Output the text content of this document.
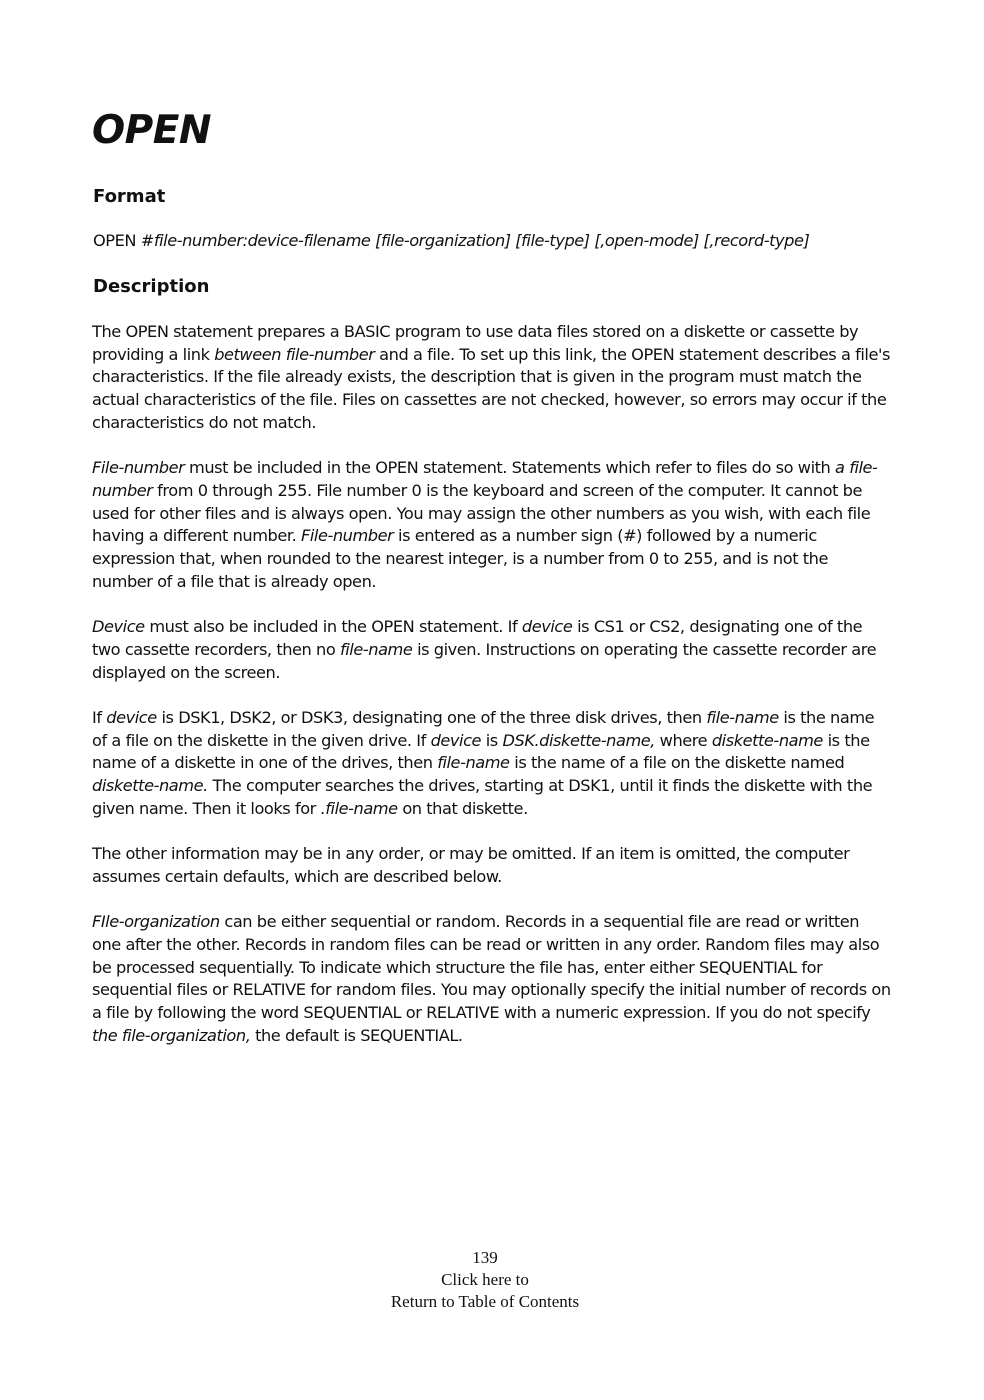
OPEN
Format
OPEN #file-number:device-filename [file-organization] [file-type] [,open-mode] [,record-type]
Description

The OPEN statement prepares a BASIC program to use data files stored on a diskette or cassette by providing a link between file-number and a file. To set up this link, the OPEN statement describes a file's characteristics. If the file already exists, the description that is given in the program must match the actual characteristics of the file. Files on cassettes are not checked, however, so errors may occur if the characteristics do not match.

File-number must be included in the OPEN statement. Statements which refer to files do so with a file-number from 0 through 255. File number 0 is the keyboard and screen of the computer. It cannot be used for other files and is always open. You may assign the other numbers as you wish, with each file having a different number. File-number is entered as a number sign (#) followed by a numeric expression that, when rounded to the nearest integer, is a number from 0 to 255, and is not the number of a file that is already open.

Device must also be included in the OPEN statement. If device is CS1 or CS2, designating one of the two cassette recorders, then no file-name is given. Instructions on operating the cassette recorder are displayed on the screen.

If device is DSK1, DSK2, or DSK3, designating one of the three disk drives, then file-name is the name of a file on the diskette in the given drive. If device is DSK.diskette-name, where diskette-name is the name of a diskette in one of the drives, then file-name is the name of a file on the diskette named diskette-name. The computer searches the drives, starting at DSK1, until it finds the diskette with the given name. Then it looks for .file-name on that diskette.

The other information may be in any order, or may be omitted. If an item is omitted, the computer assumes certain defaults, which are described below.

FIle-organization can be either sequential or random. Records in a sequential file are read or written one after the other. Records in random files can be read or written in any order. Random files may also be processed sequentially. To indicate which structure the file has, enter either SEQUENTIAL for sequential files or RELATIVE for random files. You may optionally specify the initial number of records on a file by following the word SEQUENTIAL or RELATIVE with a numeric expression. If you do not specify the file-organization, the default is SEQUENTIAL.

139
Click here to
Return to Table of Contents
